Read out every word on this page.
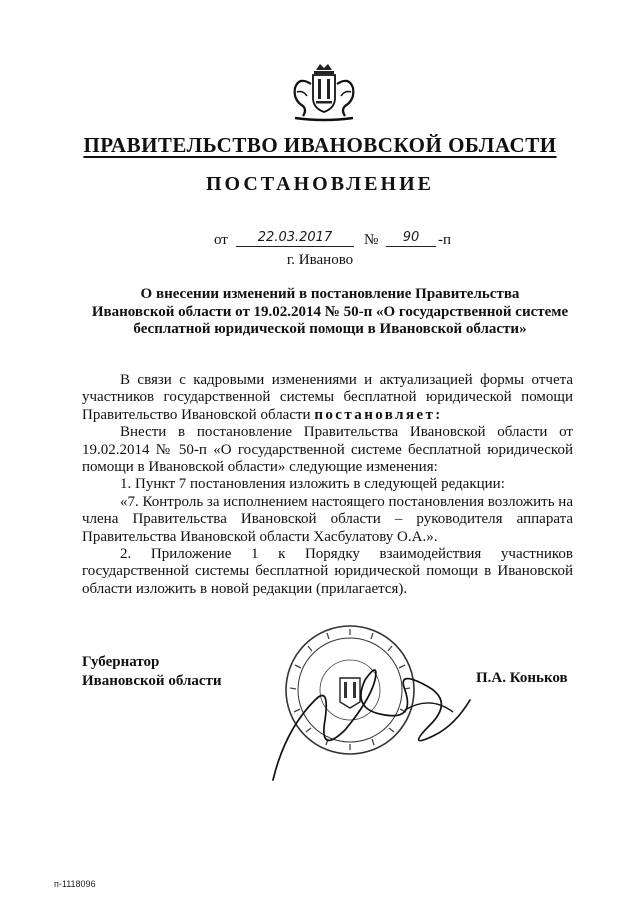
ПРАВИТЕЛЬСТВО ИВАНОВСКОЙ ОБЛАСТИ
ПОСТАНОВЛЕНИЕ
от	22.03.2017	№	90	-п
г. Иваново
О внесении изменений в постановление Правительства
Ивановской области от 19.02.2014 № 50-п «О государственной системе
бесплатной юридической помощи в Ивановской области»

В связи с кадровыми изменениями и актуализацией формы отчета участников государственной системы бесплатной юридической помощи Правительство Ивановской области постановляет:

Внести в постановление Правительства Ивановской области от 19.02.2014 № 50-п «О государственной системе бесплатной юридической помощи в Ивановской области» следующие изменения:

1. Пункт 7 постановления изложить в следующей редакции:

«7. Контроль за исполнением настоящего постановления возложить на члена Правительства Ивановской области – руководителя аппарата Правительства Ивановской области Хасбулатову О.А.».

2. Приложение 1 к Порядку взаимодействия участников государственной системы бесплатной юридической помощи в Ивановской области изложить в новой редакции (прилагается).

Губернатор
Ивановской области	П.А. Коньков
п-1118096
